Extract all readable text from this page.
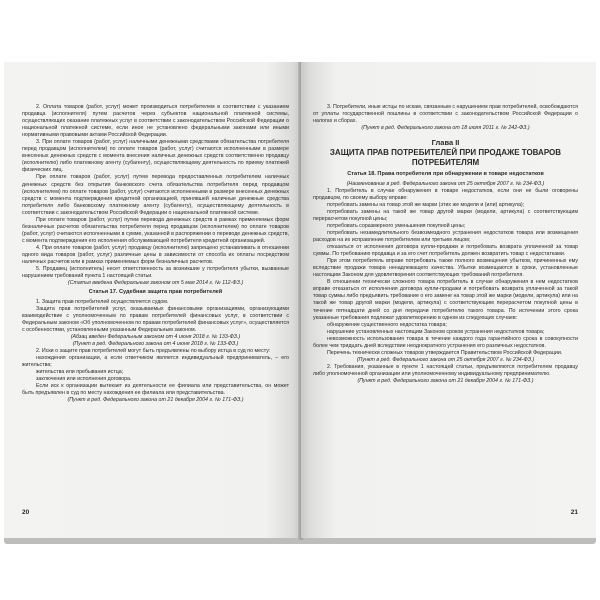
2. Оплата товаров (работ, услуг) может производиться потребителем в соответствии с указанием продавца (исполнителя) путем расчетов через субъектов национальной платежной системы, осуществляющих оказание платежных услуг в соответствии с законодательством Российской Федерации о национальной платежной системе, если иное не установлено федеральными законами или иными нормативными правовыми актами Российской Федерации.

3. При оплате товаров (работ, услуг) наличными денежными средствами обязательства потребителя перед продавцом (исполнителем) по оплате товаров (работ, услуг) считаются исполненными в размере внесенных денежных средств с момента внесения наличных денежных средств соответственно продавцу (исполнителю) либо платежному агенту (субагенту), осуществляющему деятельность по приему платежей физических лиц.

При оплате товаров (работ, услуг) путем перевода предоставленных потребителем наличных денежных средств без открытия банковского счета обязательства потребителя перед продавцом (исполнителем) по оплате товаров (работ, услуг) считаются исполненными в размере внесенных денежных средств с момента подтверждения кредитной организацией, принявшей наличные денежные средства потребителя либо банковскому платежному агенту (субагенту), осуществляющему деятельность в соответствии с законодательством Российской Федерации о национальной платежной системе.

При оплате товаров (работ, услуг) путем перевода денежных средств в рамках применяемых форм безналичных расчетов обязательства потребителя перед продавцом (исполнителем) по оплате товаров (работ, услуг) считаются исполненными в сумме, указанной в распоряжении о переводе денежных средств, с момента подтверждения его исполнения обслуживающей потребителя кредитной организацией.

4. При оплате товаров (работ, услуг) продавцу (исполнителю) запрещено устанавливать в отношении одного вида товаров (работ, услуг) различные цены в зависимости от способа их оплаты посредством наличных расчетов или в рамках применяемых форм безналичных расчетов.

5. Продавец (исполнитель) несет ответственность за возникшие у потребителя убытки, вызванные нарушением требований пункта 1 настоящей статьи.

(Статья введена Федеральным законом от 5 мая 2014 г. № 112-ФЗ.)

Статья 17. Судебная защита прав потребителей

1. Защита прав потребителей осуществляется судом.

Защита прав потребителей услуг, оказываемых финансовыми организациями, организующими взаимодействие с уполномоченным по правам потребителей финансовых услуг, в соответствии с Федеральным законом «Об уполномоченном по правам потребителей финансовых услуг», осуществляется с особенностями, установленными указанным Федеральным законом.

(Абзац введен Федеральным законом от 4 июня 2018 г. № 133-ФЗ.)

(Пункт в ред. Федерального закона от 4 июня 2018 г. № 133-ФЗ.)

2. Иски о защите прав потребителей могут быть предъявлены по выбору истца в суд по месту:

нахождения организации, а если ответчиком является индивидуальный предприниматель, – его жительства;

жительства или пребывания истца;

заключения или исполнения договора.

Если иск к организации вытекает из деятельности ее филиала или представительства, он может быть предъявлен в суд по месту нахождения ее филиала или представительства.

(Пункт в ред. Федерального закона от 21 декабря 2004 г. № 171-ФЗ.)

20

3. Потребители, иные истцы по искам, связанным с нарушением прав потребителей, освобождаются от уплаты государственной пошлины в соответствии с законодательством Российской Федерации о налогах и сборах.

(Пункт в ред. Федерального закона от 18 июля 2011 г. № 242-ФЗ.)

Глава II
ЗАЩИТА ПРАВ ПОТРЕБИТЕЛЕЙ ПРИ ПРОДАЖЕ ТОВАРОВ ПОТРЕБИТЕЛЯМ

Статья 18. Права потребителя при обнаружении в товаре недостатков

(Наименование в ред. Федерального закона от 25 октября 2007 г. № 234-ФЗ.)

1. Потребитель в случае обнаружения в товаре недостатков, если они не были оговорены продавцом, по своему выбору вправе:

потребовать замены на товар этой же марки (этих же модели и (или) артикула);

потребовать замены на такой же товар другой марки (модели, артикула) с соответствующим перерасчетом покупной цены;

потребовать соразмерного уменьшения покупной цены;

потребовать незамедлительного безвозмездного устранения недостатков товара или возмещения расходов на их исправление потребителем или третьим лицом;

отказаться от исполнения договора купли-продажи и потребовать возврата уплаченной за товар суммы. По требованию продавца и за его счет потребитель должен возвратить товар с недостатками.

При этом потребитель вправе потребовать также полного возмещения убытков, причиненных ему вследствие продажи товара ненадлежащего качества. Убытки возмещаются в сроки, установленные настоящим Законом для удовлетворения соответствующих требований потребителя.

В отношении технически сложного товара потребитель в случае обнаружения в нем недостатков вправе отказаться от исполнения договора купли-продажи и потребовать возврата уплаченной за такой товар суммы либо предъявить требование о его замене на товар этой же марки (модели, артикула) или на такой же товар другой марки (модели, артикула) с соответствующим перерасчетом покупной цены в течение пятнадцати дней со дня передачи потребителю такого товара. По истечении этого срока указанные требования подлежат удовлетворению в одном из следующих случаев:

обнаружение существенного недостатка товара;

нарушение установленных настоящим Законом сроков устранения недостатков товара;

невозможность использования товара в течение каждого года гарантийного срока в совокупности более чем тридцать дней вследствие неоднократного устранения его различных недостатков.

Перечень технически сложных товаров утверждается Правительством Российской Федерации.

(Пункт в ред. Федерального закона от 25 октября 2007 г. № 234-ФЗ.)

2. Требования, указанные в пункте 1 настоящей статьи, предъявляются потребителем продавцу либо уполномоченной организации или уполномоченному индивидуальному предпринимателю.

(Пункт в ред. Федерального закона от 21 декабря 2004 г. № 171-ФЗ.)

21
